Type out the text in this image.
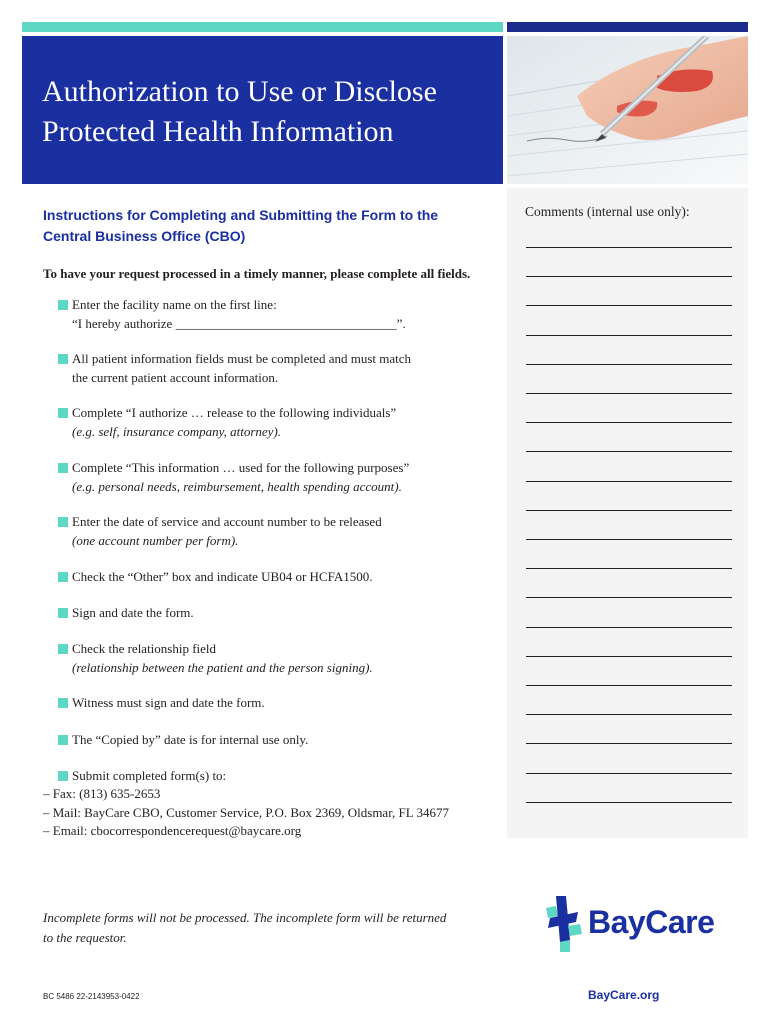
Authorization to Use or Disclose
Protected Health Information
Comments (internal use only):
Instructions for Completing and Submitting the Form to the
Central Business Office (CBO)
To have your request processed in a timely manner, please complete all fields.
Enter the facility name on the first line:
“I hereby authorize __________________________________”.
All patient information fields must be completed and must match
the current patient account information.
Complete “I authorize … release to the following individuals”
(e.g. self, insurance company, attorney).
Complete “This information … used for the following purposes”
(e.g. personal needs, reimbursement, health spending account).
Enter the date of service and account number to be released
(one account number per form).
Check the “Other” box and indicate UB04 or HCFA1500.
Sign and date the form.
Check the relationship field
(relationship between the patient and the person signing).
Witness must sign and date the form.
The “Copied by” date is for internal use only.
Submit completed form(s) to:
– Fax: (813) 635-2653
– Mail: BayCare CBO, Customer Service, P.O. Box 2369, Oldsmar, FL 34677
– Email: cbocorrespondencerequest@baycare.org
Incomplete forms will not be processed. The incomplete form will be returned
to the requestor.
BC 5486 22-2143953-0422
BayCare
BayCare.org
